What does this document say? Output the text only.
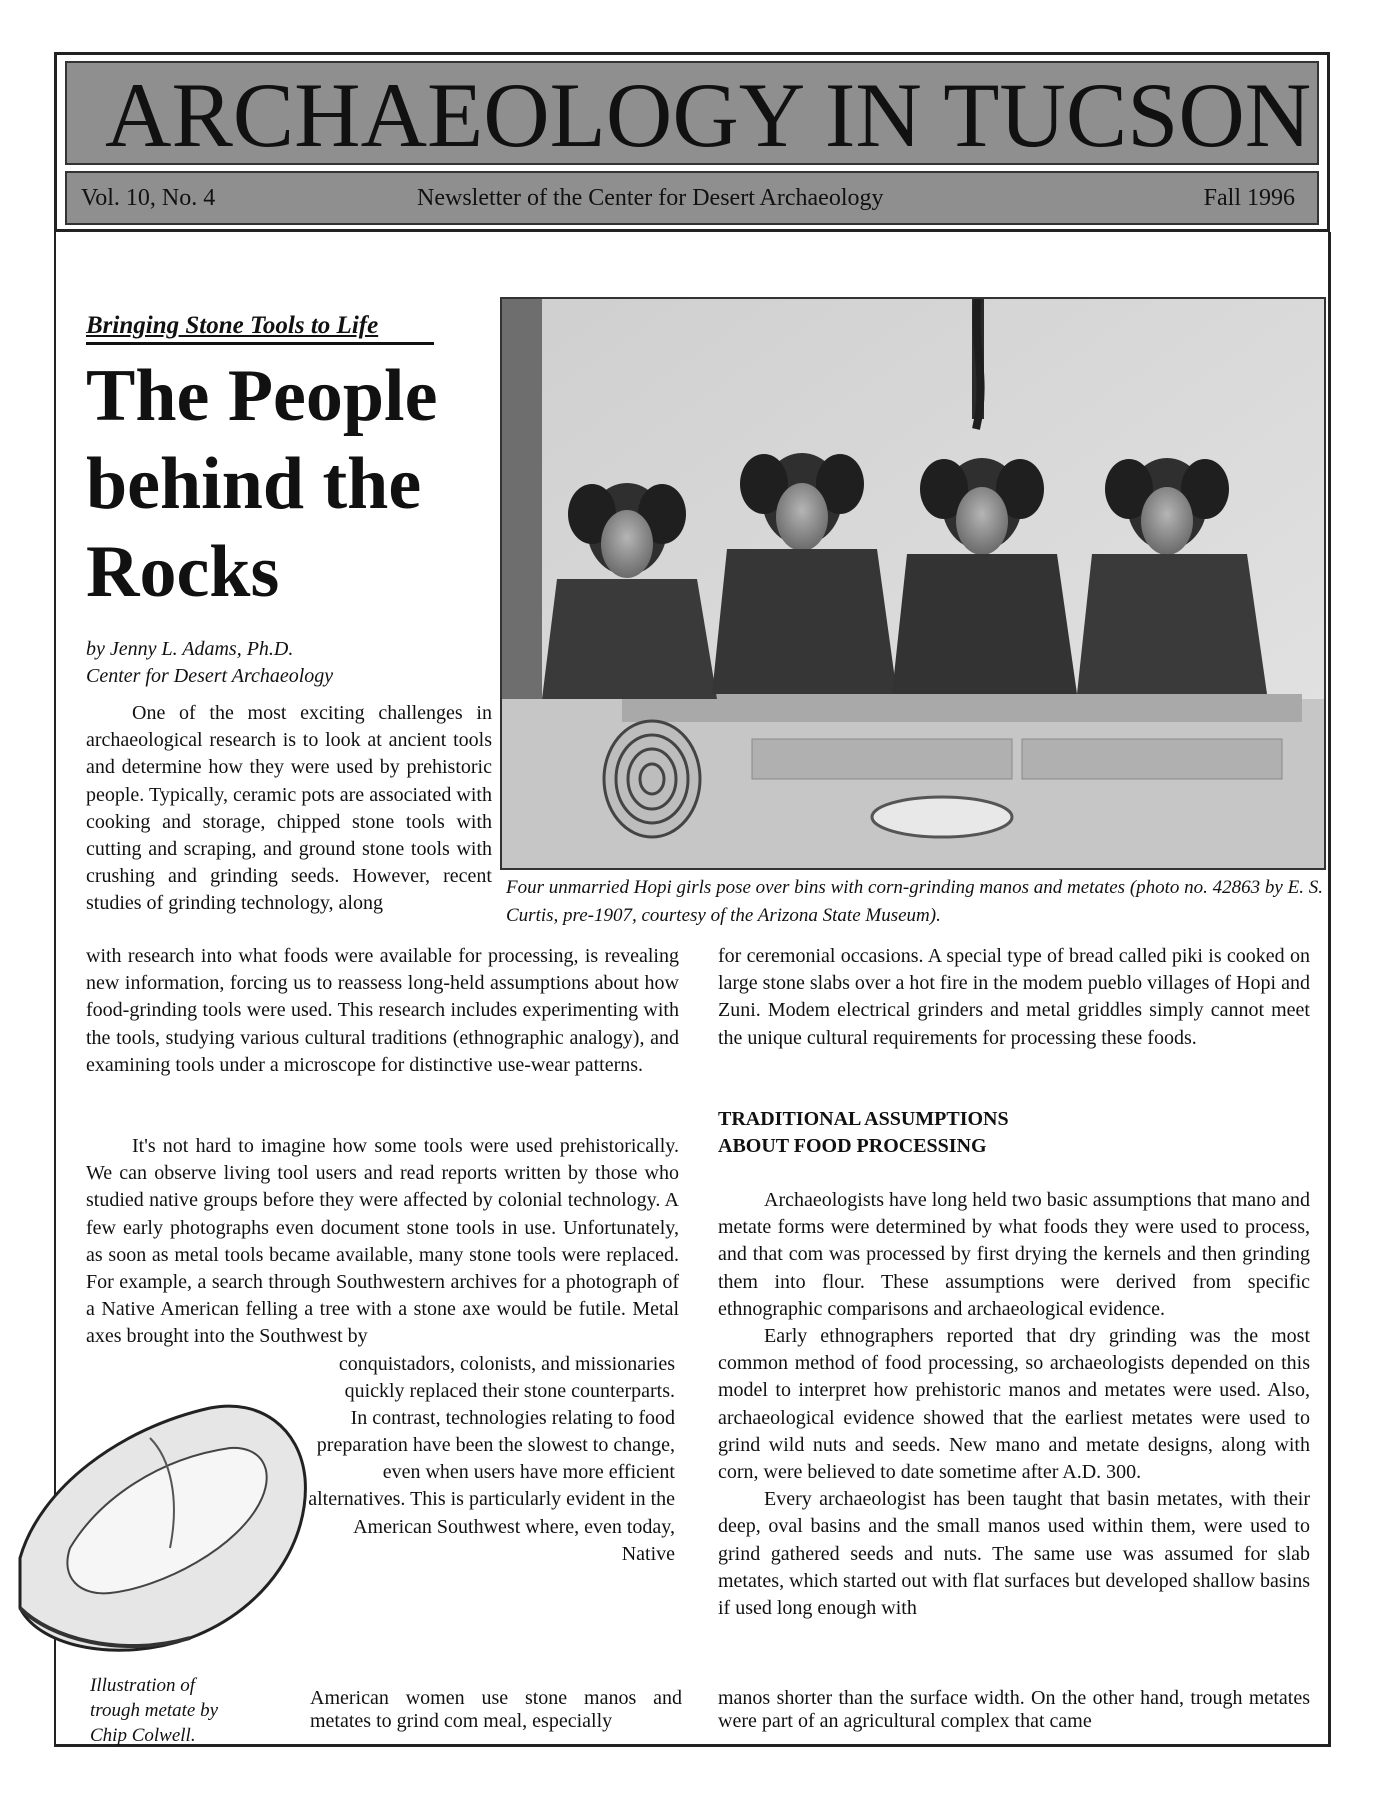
ARCHAEOLOGY IN TUCSON
Vol. 10, No. 4	Newsletter of the Center for Desert Archaeology	Fall 1996
Bringing Stone Tools to Life
The People behind the Rocks
by Jenny L. Adams, Ph.D.
Center for Desert Archaeology
Four unmarried Hopi girls pose over bins with corn-grinding manos and metates (photo no. 42863 by E. S. Curtis, pre-1907, courtesy of the Arizona State Museum).

One of the most exciting challenges in archaeological research is to look at ancient tools and determine how they were used by prehistoric people. Typically, ceramic pots are associated with cooking and storage, chipped stone tools with cutting and scraping, and ground stone tools with crushing and grinding seeds. However, recent studies of grinding technology, along

with research into what foods were available for processing, is revealing new information, forcing us to reassess long-held assumptions about how food-grinding tools were used. This research includes experimenting with the tools, studying various cultural traditions (ethnographic analogy), and examining tools under a microscope for distinctive use-wear patterns.

It's not hard to imagine how some tools were used prehistorically. We can observe living tool users and read reports written by those who studied native groups before they were affected by colonial technology. A few early photographs even document stone tools in use. Unfortunately, as soon as metal tools became available, many stone tools were replaced. For example, a search through Southwestern archives for a photograph of a Native American felling a tree with a stone axe would be futile. Metal axes brought into the Southwest by

conquistadors, colonists, and missionaries quickly replaced their stone counterparts.
In contrast, technologies relating to food preparation have been the slowest to change, even when users have more efficient alternatives. This is particularly evident in the American Southwest where, even today, Native

American women use stone manos and metates to grind com meal, especially

Illustration of trough metate by Chip Colwell.

for ceremonial occasions. A special type of bread called piki is cooked on large stone slabs over a hot fire in the modem pueblo villages of Hopi and Zuni. Modem electrical grinders and metal griddles simply cannot meet the unique cultural requirements for processing these foods.

TRADITIONAL ASSUMPTIONS
ABOUT FOOD PROCESSING

Archaeologists have long held two basic assumptions that mano and metate forms were determined by what foods they were used to process, and that com was processed by first drying the kernels and then grinding them into flour. These assumptions were derived from specific ethnographic comparisons and archaeological evidence.

Early ethnographers reported that dry grinding was the most common method of food processing, so archaeologists depended on this model to interpret how prehistoric manos and metates were used. Also, archaeological evidence showed that the earliest metates were used to grind wild nuts and seeds. New mano and metate designs, along with corn, were believed to date sometime after A.D. 300.

Every archaeologist has been taught that basin metates, with their deep, oval basins and the small manos used within them, were used to grind gathered seeds and nuts. The same use was assumed for slab metates, which started out with flat surfaces but developed shallow basins if used long enough with

manos shorter than the surface width. On the other hand, trough metates were part of an agricultural complex that came
